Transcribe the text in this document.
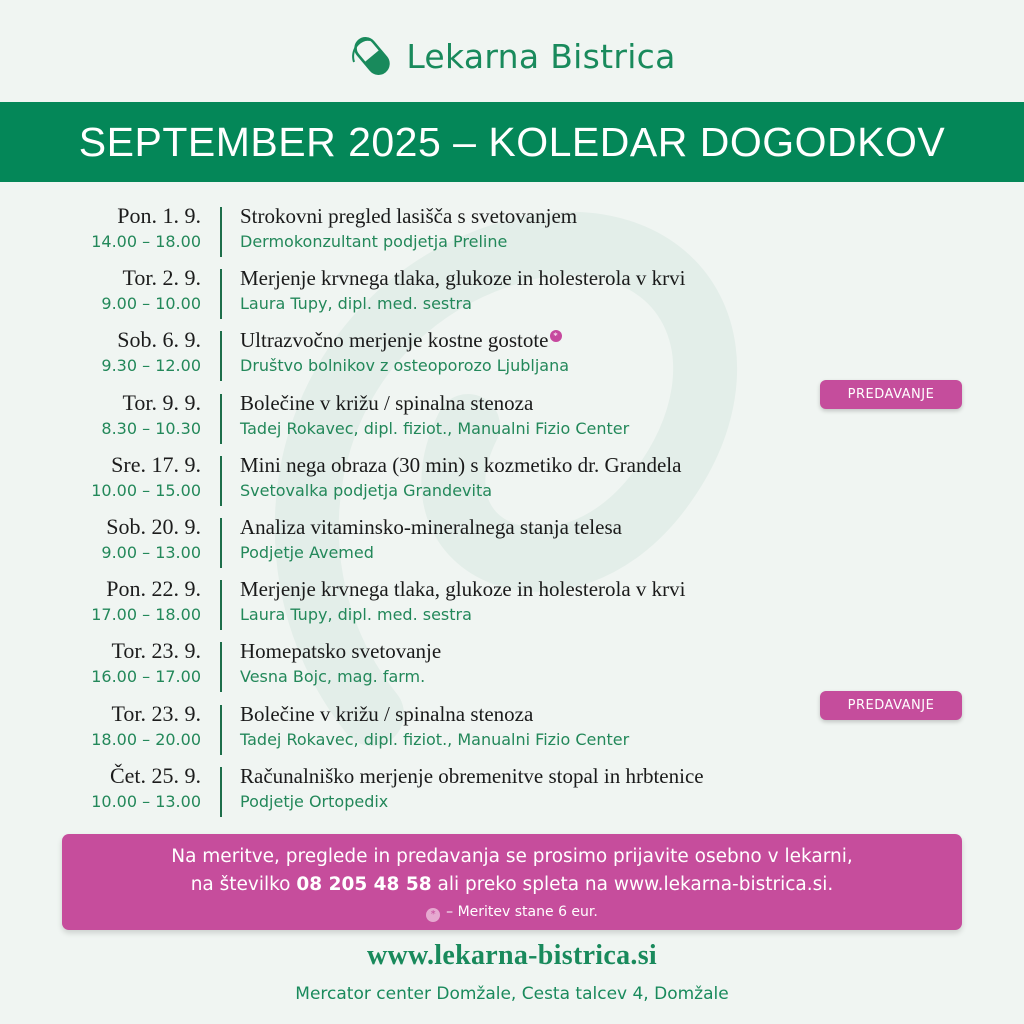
Lekarna Bistrica
SEPTEMBER 2025 – KOLEDAR DOGODKOV
Pon. 1. 9.
14.00 – 18.00
Strokovni pregled lasišča s svetovanjem
Dermokonzultant podjetja Preline
Tor. 2. 9.
9.00 – 10.00
Merjenje krvnega tlaka, glukoze in holesterola v krvi
Laura Tupy, dipl. med. sestra
Sob. 6. 9.
9.30 – 12.00
Ultrazvočno merjenje kostne gostote *
Društvo bolnikov z osteoporozo Ljubljana
Tor. 9. 9.
8.30 – 10.30
Bolečine v križu / spinalna stenoza
Tadej Rokavec, dipl. fiziot., Manualni Fizio Center
PREDAVANJE
Sre. 17. 9.
10.00 – 15.00
Mini nega obraza (30 min) s kozmetiko dr. Grandela
Svetovalka podjetja Grandevita
Sob. 20. 9.
9.00 – 13.00
Analiza vitaminsko-mineralnega stanja telesa
Podjetje Avemed
Pon. 22. 9.
17.00 – 18.00
Merjenje krvnega tlaka, glukoze in holesterola v krvi
Laura Tupy, dipl. med. sestra
Tor. 23. 9.
16.00 – 17.00
Homepatsko svetovanje
Vesna Bojc, mag. farm.
Tor. 23. 9.
18.00 – 20.00
Bolečine v križu / spinalna stenoza
Tadej Rokavec, dipl. fiziot., Manualni Fizio Center
PREDAVANJE
Čet. 25. 9.
10.00 – 13.00
Računalniško merjenje obremenitve stopal in hrbtenice
Podjetje Ortopedix
Na meritve, preglede in predavanja se prosimo prijavite osebno v lekarni,
na številko 08 205 48 58 ali preko spleta na www.lekarna-bistrica.si.
* – Meritev stane 6 eur.
www.lekarna-bistrica.si
Mercator center Domžale, Cesta talcev 4, Domžale
